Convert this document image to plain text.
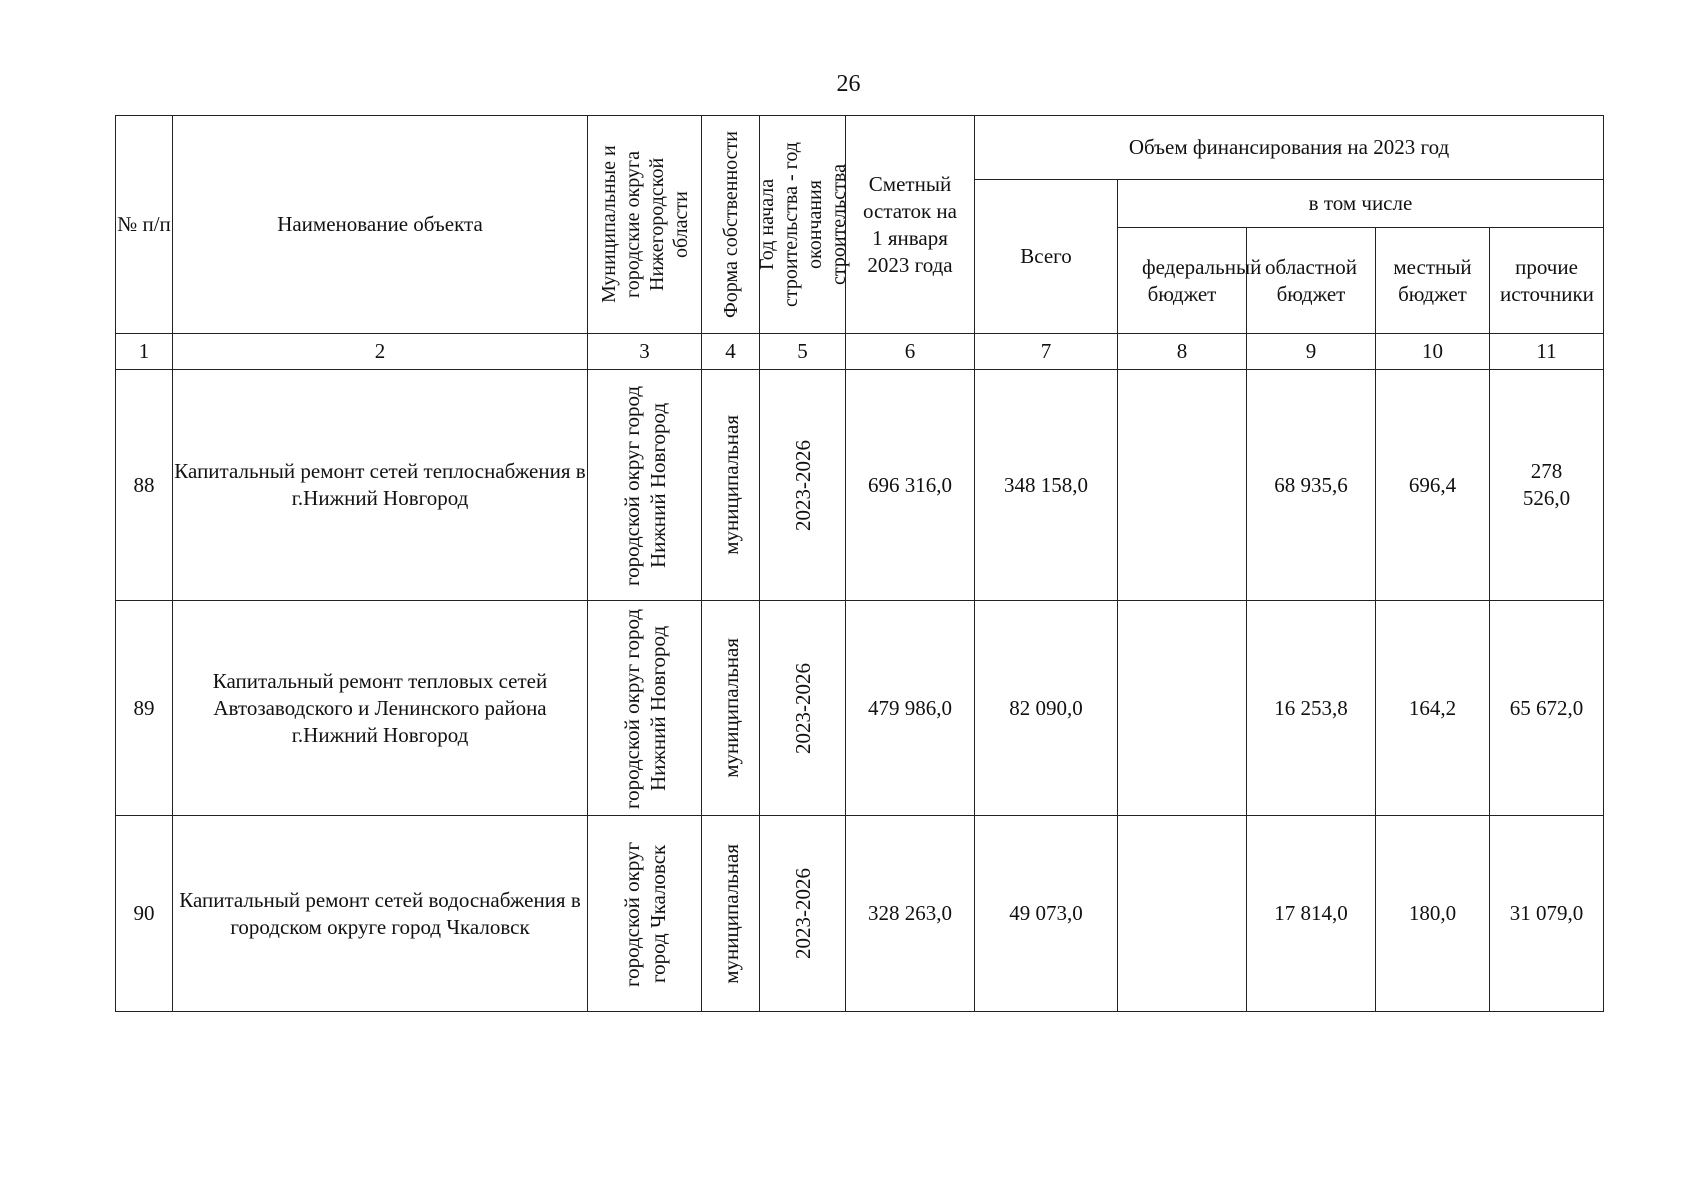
26
№ п/п	Наименование объекта	Муниципальные и городские округа Нижегородской области	Форма собственности	Год начала строительства - год окончания строительства	Сметный остаток на 1 января 2023 года	Объем финансирования на 2023 год				
						Всего	в том числе			
							федеральный бюджет	областной бюджет	местный бюджет	прочие источники
1	2	3	4	5	6	7	8	9	10	11
88	Капитальный ремонт сетей теплоснабжения в г.Нижний Новгород	городской округ город Нижний Новгород	муниципальная	2023-2026	696 316,0	348 158,0		68 935,6	696,4	278 526,0
89	Капитальный ремонт тепловых сетей Автозаводского и Ленинского района г.Нижний Новгород	городской округ город Нижний Новгород	муниципальная	2023-2026	479 986,0	82 090,0		16 253,8	164,2	65 672,0
90	Капитальный ремонт сетей водоснабжения в городском округе город Чкаловск	городской округ город Чкаловск	муниципальная	2023-2026	328 263,0	49 073,0		17 814,0	180,0	31 079,0
